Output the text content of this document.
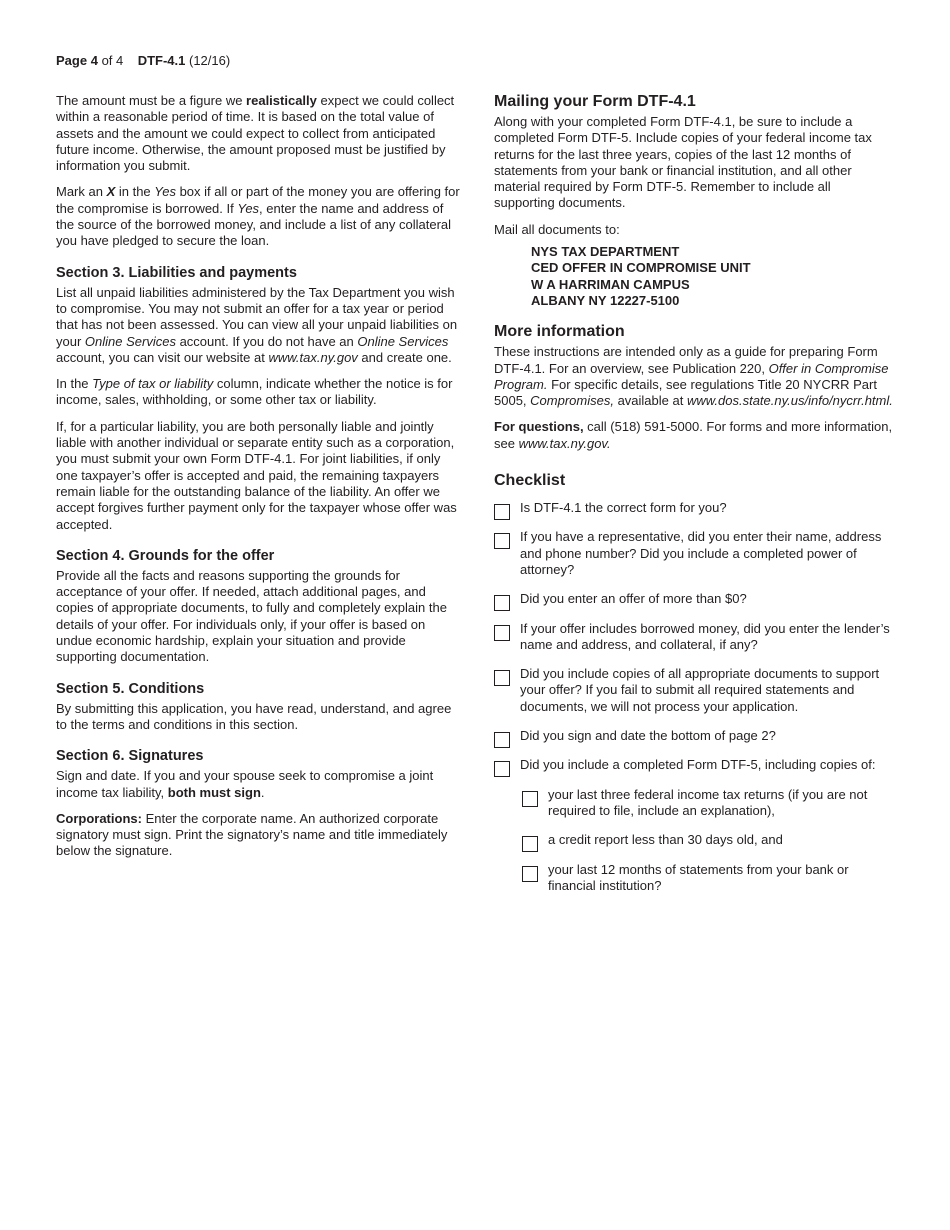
Page 4 of 4 DTF-4.1 (12/16)

The amount must be a figure we realistically expect we could collect within a reasonable period of time. It is based on the total value of assets and the amount we could expect to collect from anticipated future income. Otherwise, the amount proposed must be justified by information you submit.

Mark an X in the Yes box if all or part of the money you are offering for the compromise is borrowed. If Yes, enter the name and address of the source of the borrowed money, and include a list of any collateral you have pledged to secure the loan.

Section 3. Liabilities and payments

List all unpaid liabilities administered by the Tax Department you wish to compromise. You may not submit an offer for a tax year or period that has not been assessed. You can view all your unpaid liabilities on your Online Services account. If you do not have an Online Services account, you can visit our website at www.tax.ny.gov and create one.

In the Type of tax or liability column, indicate whether the notice is for income, sales, withholding, or some other tax or liability.

If, for a particular liability, you are both personally liable and jointly liable with another individual or separate entity such as a corporation, you must submit your own Form DTF-4.1. For joint liabilities, if only one taxpayer’s offer is accepted and paid, the remaining taxpayers remain liable for the outstanding balance of the liability. An offer we accept forgives further payment only for the taxpayer whose offer was accepted.

Section 4. Grounds for the offer

Provide all the facts and reasons supporting the grounds for acceptance of your offer. If needed, attach additional pages, and copies of appropriate documents, to fully and completely explain the details of your offer. For individuals only, if your offer is based on undue economic hardship, explain your situation and provide supporting documentation.

Section 5. Conditions

By submitting this application, you have read, understand, and agree to the terms and conditions in this section.

Section 6. Signatures

Sign and date. If you and your spouse seek to compromise a joint income tax liability, both must sign.

Corporations: Enter the corporate name. An authorized corporate signatory must sign. Print the signatory’s name and title immediately below the signature.

Mailing your Form DTF-4.1

Along with your completed Form DTF-4.1, be sure to include a completed Form DTF-5. Include copies of your federal income tax returns for the last three years, copies of the last 12 months of statements from your bank or financial institution, and all other material required by Form DTF-5. Remember to include all supporting documents.

Mail all documents to:

NYS TAX DEPARTMENT
CED OFFER IN COMPROMISE UNIT
W A HARRIMAN CAMPUS
ALBANY NY 12227-5100
More information

These instructions are intended only as a guide for preparing Form DTF-4.1. For an overview, see Publication 220, Offer in Compromise Program. For specific details, see regulations Title 20 NYCRR Part 5005, Compromises, available at www.dos.state.ny.us/info/nycrr.html.

For questions, call (518) 591-5000. For forms and more information, see www.tax.ny.gov.

Checklist
Is DTF-4.1 the correct form for you?
If you have a representative, did you enter their name, address and phone number? Did you include a completed power of attorney?
Did you enter an offer of more than $0?
If your offer includes borrowed money, did you enter the lender’s name and address, and collateral, if any?
Did you include copies of all appropriate documents to support your offer? If you fail to submit all required statements and documents, we will not process your application.
Did you sign and date the bottom of page 2?
Did you include a completed Form DTF-5, including copies of:
your last three federal income tax returns (if you are not required to file, include an explanation),
a credit report less than 30 days old, and
your last 12 months of statements from your bank or financial institution?
